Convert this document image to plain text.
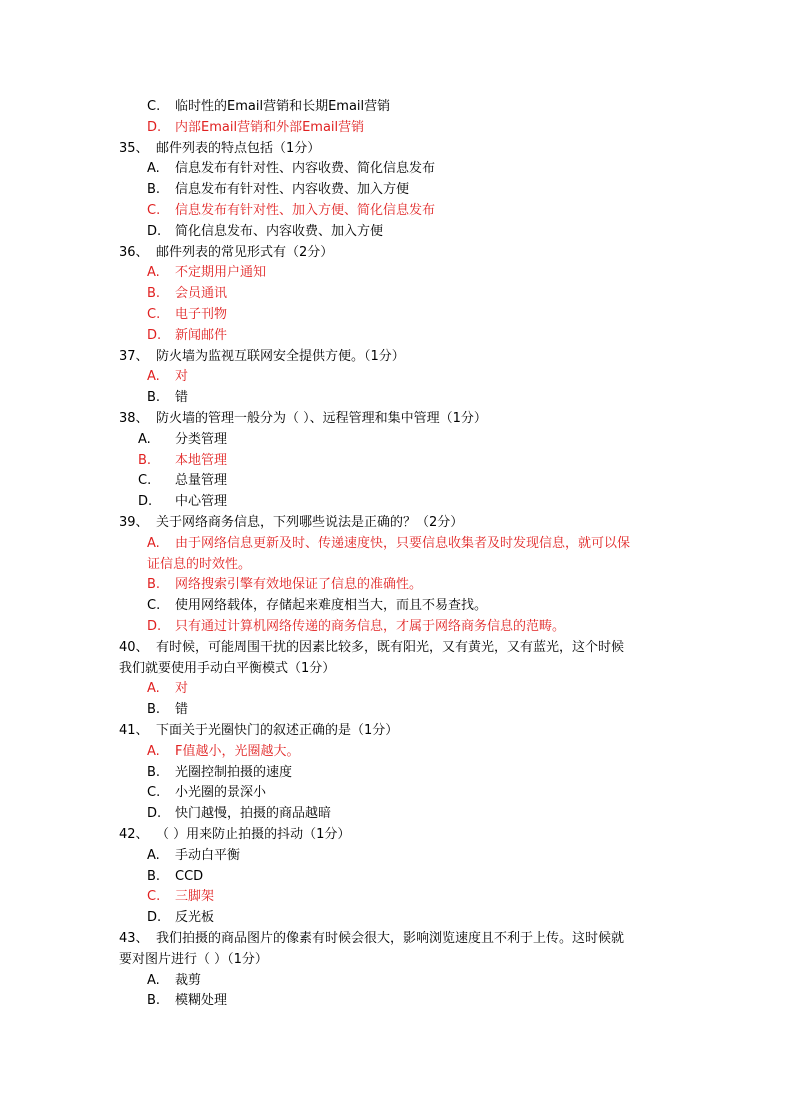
C. 临时性的Email营销和长期Email营销
D. 内部Email营销和外部Email营销
35、 邮件列表的特点包括（1分）
A. 信息发布有针对性、内容收费、简化信息发布
B. 信息发布有针对性、内容收费、加入方便
C. 信息发布有针对性、加入方便、简化信息发布
D. 简化信息发布、内容收费、加入方便
36、 邮件列表的常见形式有（2分）
A. 不定期用户通知
B. 会员通讯
C. 电子刊物
D. 新闻邮件
37、 防火墙为监视互联网安全提供方便。（1分）
A. 对
B. 错
38、 防火墙的管理一般分为（ ）、远程管理和集中管理（1分）
A. 分类管理
B. 本地管理
C. 总量管理
D. 中心管理
39、 关于网络商务信息，下列哪些说法是正确的？（2分）
A. 由于网络信息更新及时、传递速度快，只要信息收集者及时发现信息，就可以保
证信息的时效性。
B. 网络搜索引擎有效地保证了信息的准确性。
C. 使用网络载体，存储起来难度相当大，而且不易查找。
D. 只有通过计算机网络传递的商务信息，才属于网络商务信息的范畴。
40、 有时候，可能周围干扰的因素比较多，既有阳光，又有黄光，又有蓝光，这个时候
我们就要使用手动白平衡模式（1分）
A. 对
B. 错
41、 下面关于光圈快门的叙述正确的是（1分）
A. F值越小，光圈越大。
B. 光圈控制拍摄的速度
C. 小光圈的景深小
D. 快门越慢，拍摄的商品越暗
42、 （ ）用来防止拍摄的抖动（1分）
A. 手动白平衡
B. CCD
C. 三脚架
D. 反光板
43、 我们拍摄的商品图片的像素有时候会很大，影响浏览速度且不利于上传。这时候就
要对图片进行（ ）（1分）
A. 裁剪
B. 模糊处理
